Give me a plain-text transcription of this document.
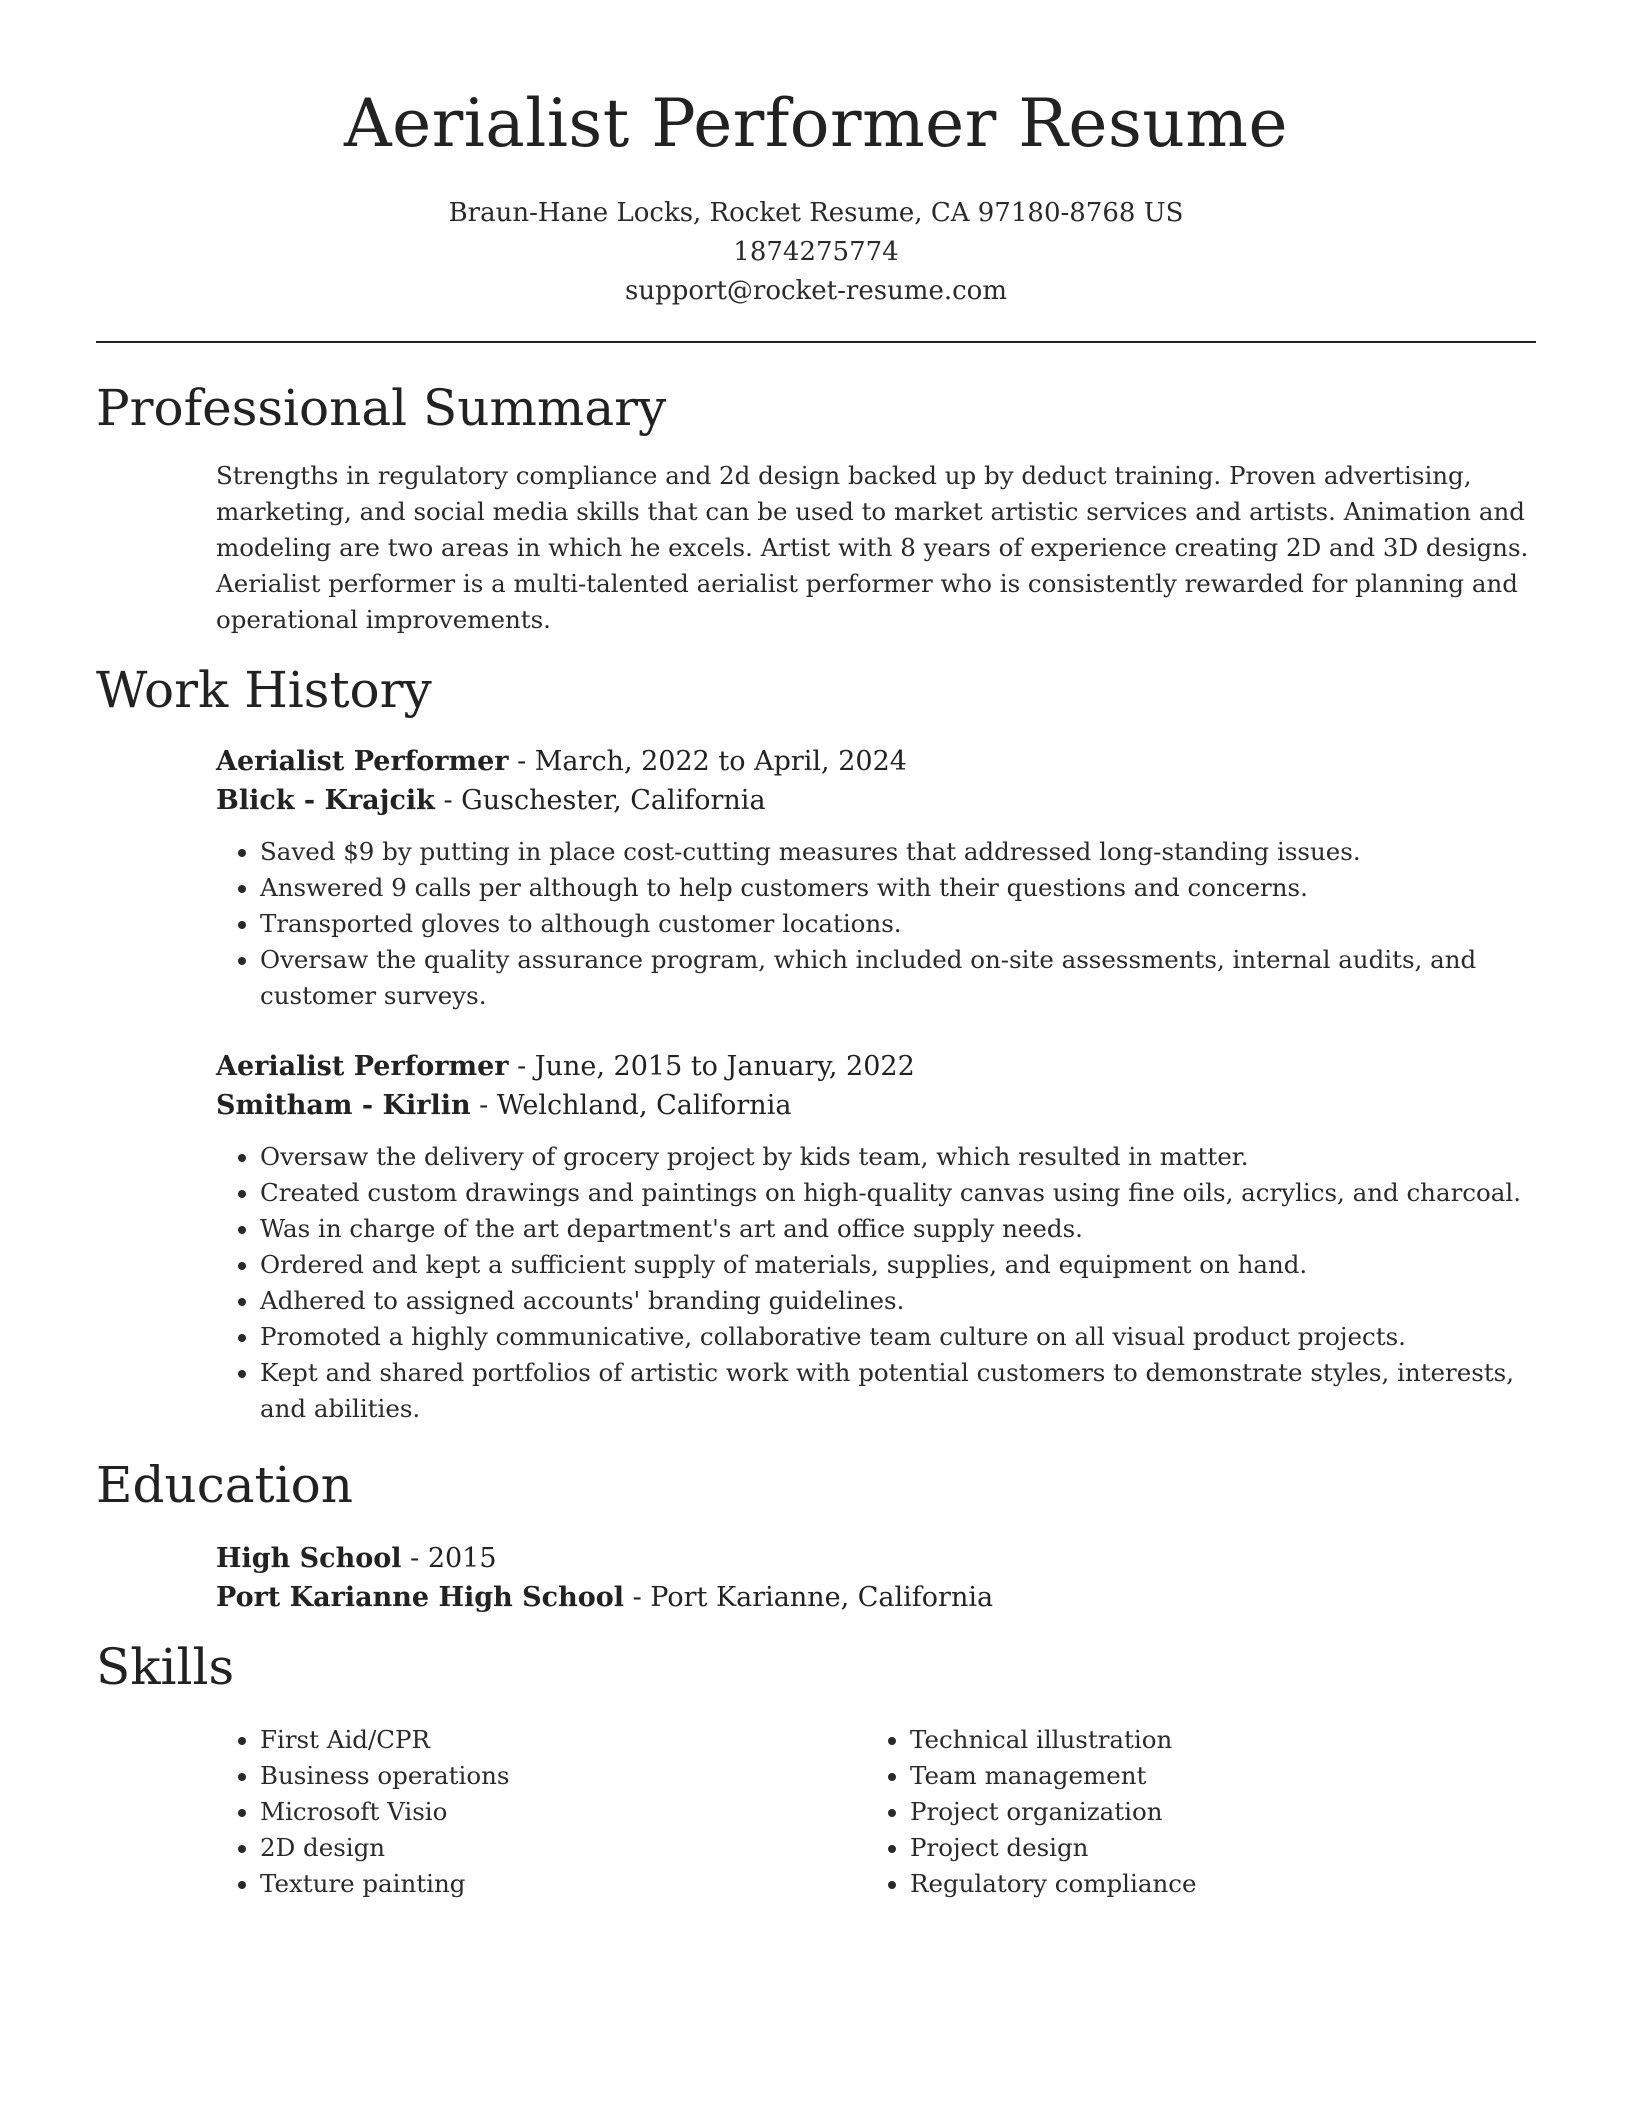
Aerialist Performer Resume
Braun-Hane Locks, Rocket Resume, CA 97180-8768 US
1874275774
support@rocket-resume.com
Professional Summary

Strengths in regulatory compliance and 2d design backed up by deduct training. Proven advertising, marketing, and social media skills that can be used to market artistic services and artists. Animation and modeling are two areas in which he excels. Artist with 8 years of experience creating 2D and 3D designs. Aerialist performer is a multi-talented aerialist performer who is consistently rewarded for planning and operational improvements.

Work History
Aerialist Performer - March, 2022 to April, 2024
Blick - Krajcik - Guschester, California
• Saved $9 by putting in place cost-cutting measures that addressed long-standing issues.
• Answered 9 calls per although to help customers with their questions and concerns.
• Transported gloves to although customer locations.
• Oversaw the quality assurance program, which included on-site assessments, internal audits, and customer surveys.
Aerialist Performer - June, 2015 to January, 2022
Smitham - Kirlin - Welchland, California
• Oversaw the delivery of grocery project by kids team, which resulted in matter.
• Created custom drawings and paintings on high-quality canvas using fine oils, acrylics, and charcoal.
• Was in charge of the art department's art and office supply needs.
• Ordered and kept a sufficient supply of materials, supplies, and equipment on hand.
• Adhered to assigned accounts' branding guidelines.
• Promoted a highly communicative, collaborative team culture on all visual product projects.
• Kept and shared portfolios of artistic work with potential customers to demonstrate styles, interests, and abilities.
Education
High School - 2015
Port Karianne High School - Port Karianne, California
Skills
• First Aid/CPR
• Business operations
• Microsoft Visio
• 2D design
• Texture painting
• Technical illustration
• Team management
• Project organization
• Project design
• Regulatory compliance
